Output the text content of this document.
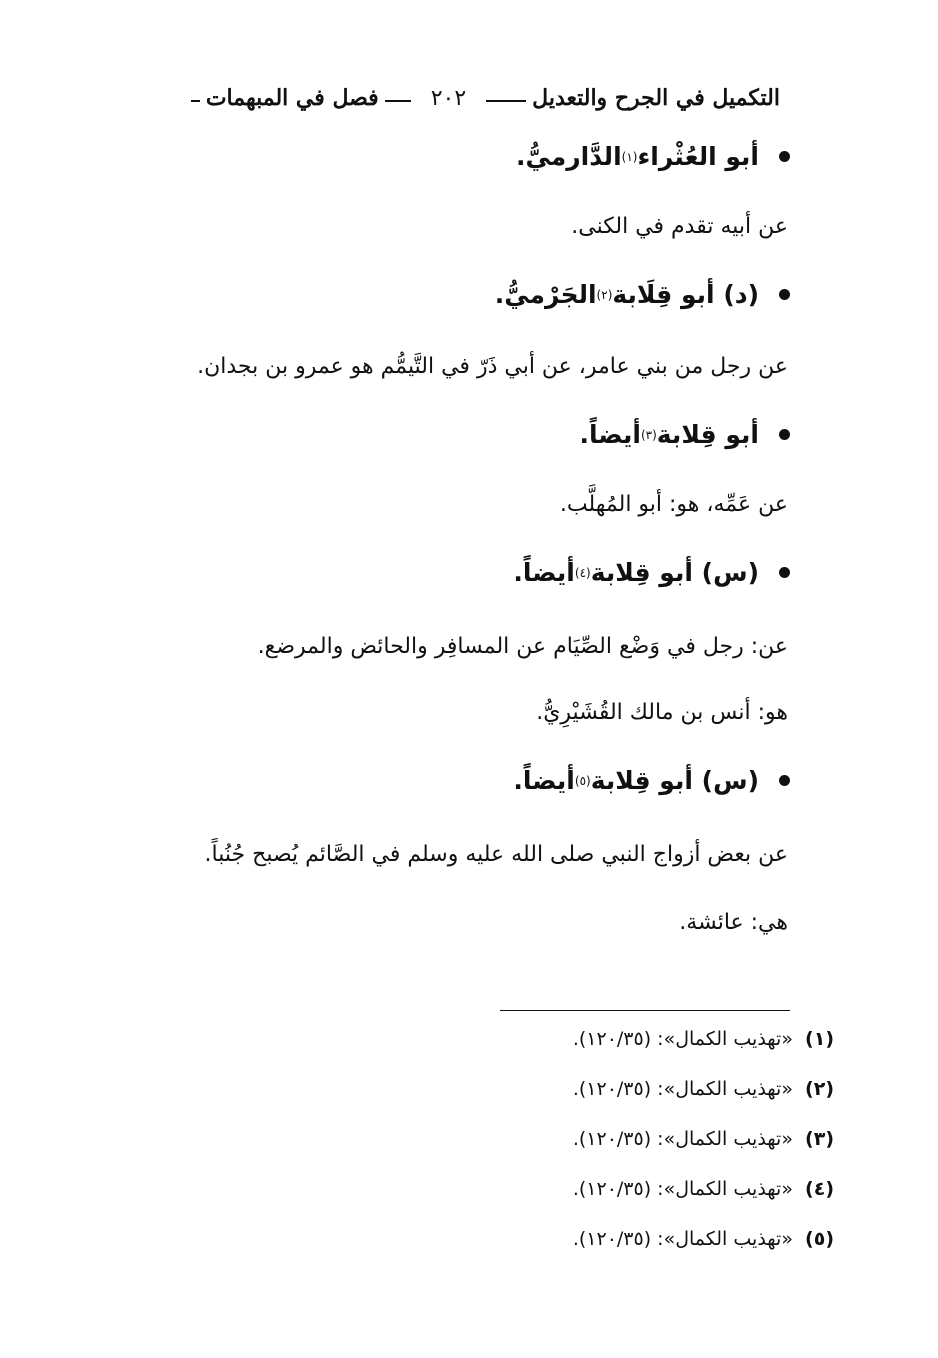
التكميل في الجرح والتعديل
٢٠٢
فصل في المبهمات
أبو العُثْراء
(١)
الدَّارميُّ.
عن أبيه تقدم في الكنى.
(د) أبو قِلَابة
(٢)
الجَرْميُّ.
عن رجل من بني عامر، عن أبي ذَرّ في التَّيمُّم هو عمرو بن بجدان.
أبو قِلابة
(٣)
أيضاً.
عن عَمِّه، هو: أبو المُهلَّب.
(س) أبو قِلابة
(٤)
أيضاً.
عن: رجل في وَضْع الصِّيَام عن المسافِر والحائض والمرضع.
هو: أنس بن مالك القُشَيْرِيُّ.
(س) أبو قِلابة
(٥)
أيضاً.
عن بعض أزواج النبي صلى الله عليه وسلم في الصَّائم يُصبح جُنُباً.
هي: عائشة.
(١) «تهذيب الكمال»: (١٢٠/٣٥).
(٢) «تهذيب الكمال»: (١٢٠/٣٥).
(٣) «تهذيب الكمال»: (١٢٠/٣٥).
(٤) «تهذيب الكمال»: (١٢٠/٣٥).
(٥) «تهذيب الكمال»: (١٢٠/٣٥).
